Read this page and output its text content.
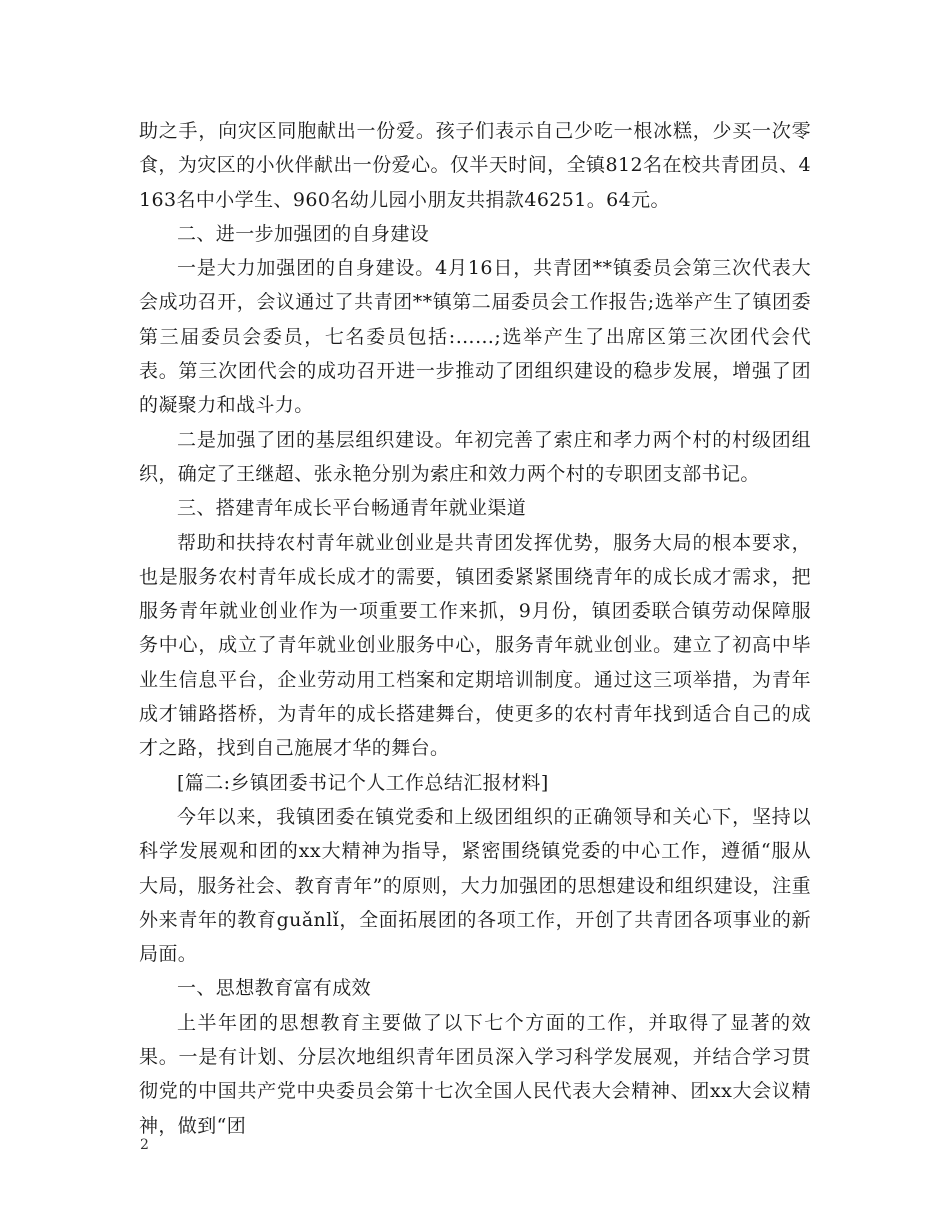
助之手，向灾区同胞献出一份爱。孩子们表示自己少吃一根冰糕，少买一次零食，为灾区的小伙伴献出一份爱心。仅半天时间，全镇812名在校共青团员、4163名中小学生、960名幼儿园小朋友共捐款46251。64元。

二、进一步加强团的自身建设

一是大力加强团的自身建设。4月16日，共青团**镇委员会第三次代表大会成功召开，会议通过了共青团**镇第二届委员会工作报告;选举产生了镇团委第三届委员会委员，七名委员包括:……;选举产生了出席区第三次团代会代表。第三次团代会的成功召开进一步推动了团组织建设的稳步发展，增强了团的凝聚力和战斗力。

二是加强了团的基层组织建设。年初完善了索庄和孝力两个村的村级团组织，确定了王继超、张永艳分别为索庄和效力两个村的专职团支部书记。

三、搭建青年成长平台畅通青年就业渠道

帮助和扶持农村青年就业创业是共青团发挥优势，服务大局的根本要求，也是服务农村青年成长成才的需要，镇团委紧紧围绕青年的成长成才需求，把服务青年就业创业作为一项重要工作来抓，9月份，镇团委联合镇劳动保障服务中心，成立了青年就业创业服务中心，服务青年就业创业。建立了初高中毕业生信息平台，企业劳动用工档案和定期培训制度。通过这三项举措，为青年成才铺路搭桥，为青年的成长搭建舞台，使更多的农村青年找到适合自己的成才之路，找到自己施展才华的舞台。

[篇二:乡镇团委书记个人工作总结汇报材料]

今年以来，我镇团委在镇党委和上级团组织的正确领导和关心下，坚持以科学发展观和团的xx大精神为指导，紧密围绕镇党委的中心工作，遵循“服从大局，服务社会、教育青年”的原则，大力加强团的思想建设和组织建设，注重外来青年的教育guǎnlǐ，全面拓展团的各项工作，开创了共青团各项事业的新局面。

一、思想教育富有成效

上半年团的思想教育主要做了以下七个方面的工作，并取得了显著的效果。一是有计划、分层次地组织青年团员深入学习科学发展观，并结合学习贯彻党的中国共产党中央委员会第十七次全国人民代表大会精神、团xx大会议精神，做到“团

2
